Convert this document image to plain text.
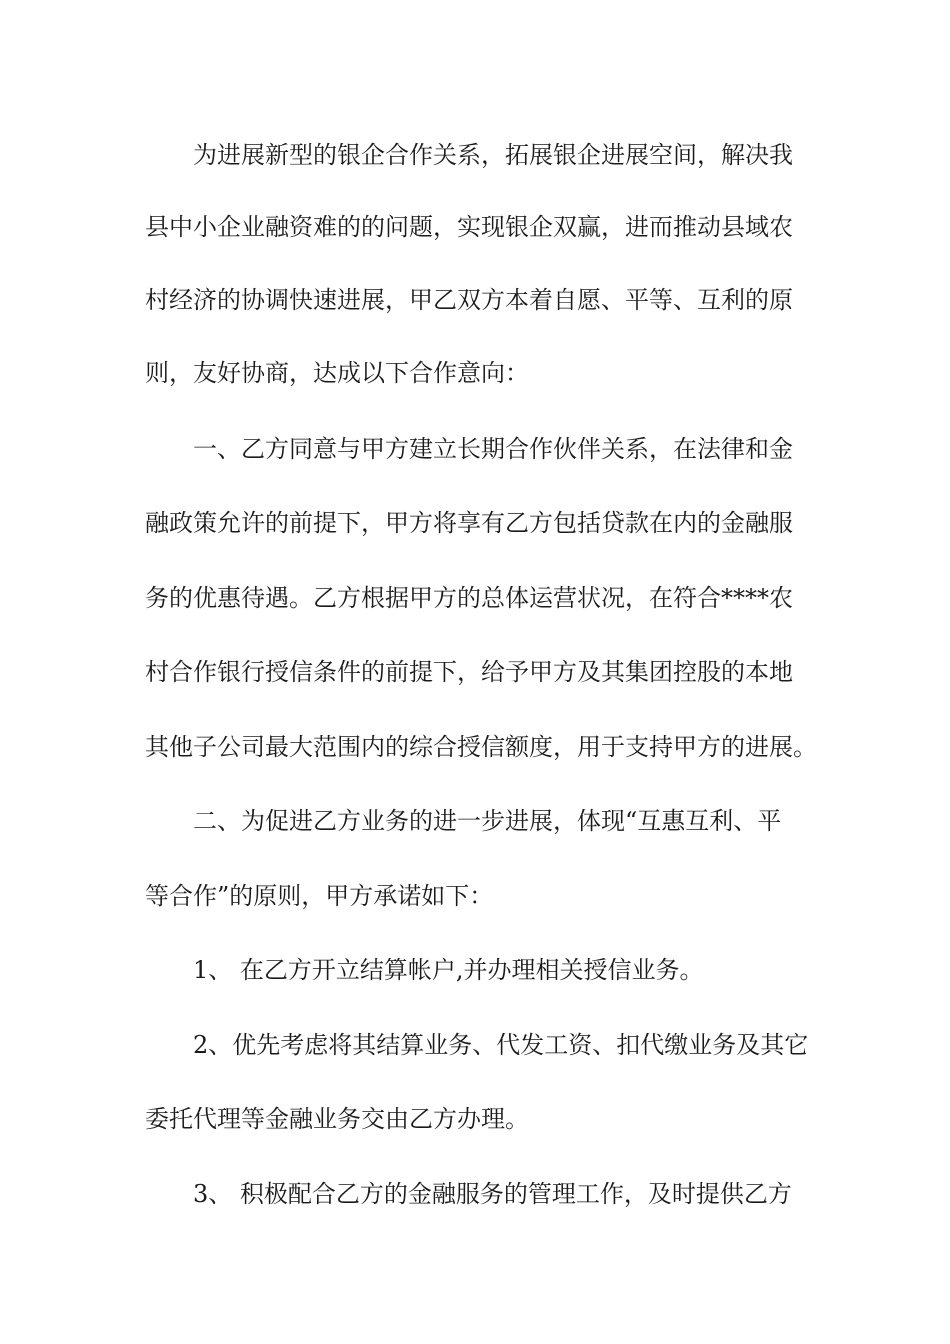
为进展新型的银企合作关系，拓展银企进展空间，解决我
县中小企业融资难的的问题，实现银企双赢，进而推动县域农
村经济的协调快速进展，甲乙双方本着自愿、平等、互利的原
则，友好协商，达成以下合作意向：
一、乙方同意与甲方建立长期合作伙伴关系，在法律和金
融政策允许的前提下，甲方将享有乙方包括贷款在内的金融服
务的优惠待遇。乙方根据甲方的总体运营状况，在符合****农
村合作银行授信条件的前提下，给予甲方及其集团控股的本地
其他子公司最大范围内的综合授信额度，用于支持甲方的进展。
二、为促进乙方业务的进一步进展，体现“互惠互利、平
等合作”的原则，甲方承诺如下：
1、 在乙方开立结算帐户,并办理相关授信业务。
2、优先考虑将其结算业务、代发工资、扣代缴业务及其它
委托代理等金融业务交由乙方办理。
3、 积极配合乙方的金融服务的管理工作，及时提供乙方
